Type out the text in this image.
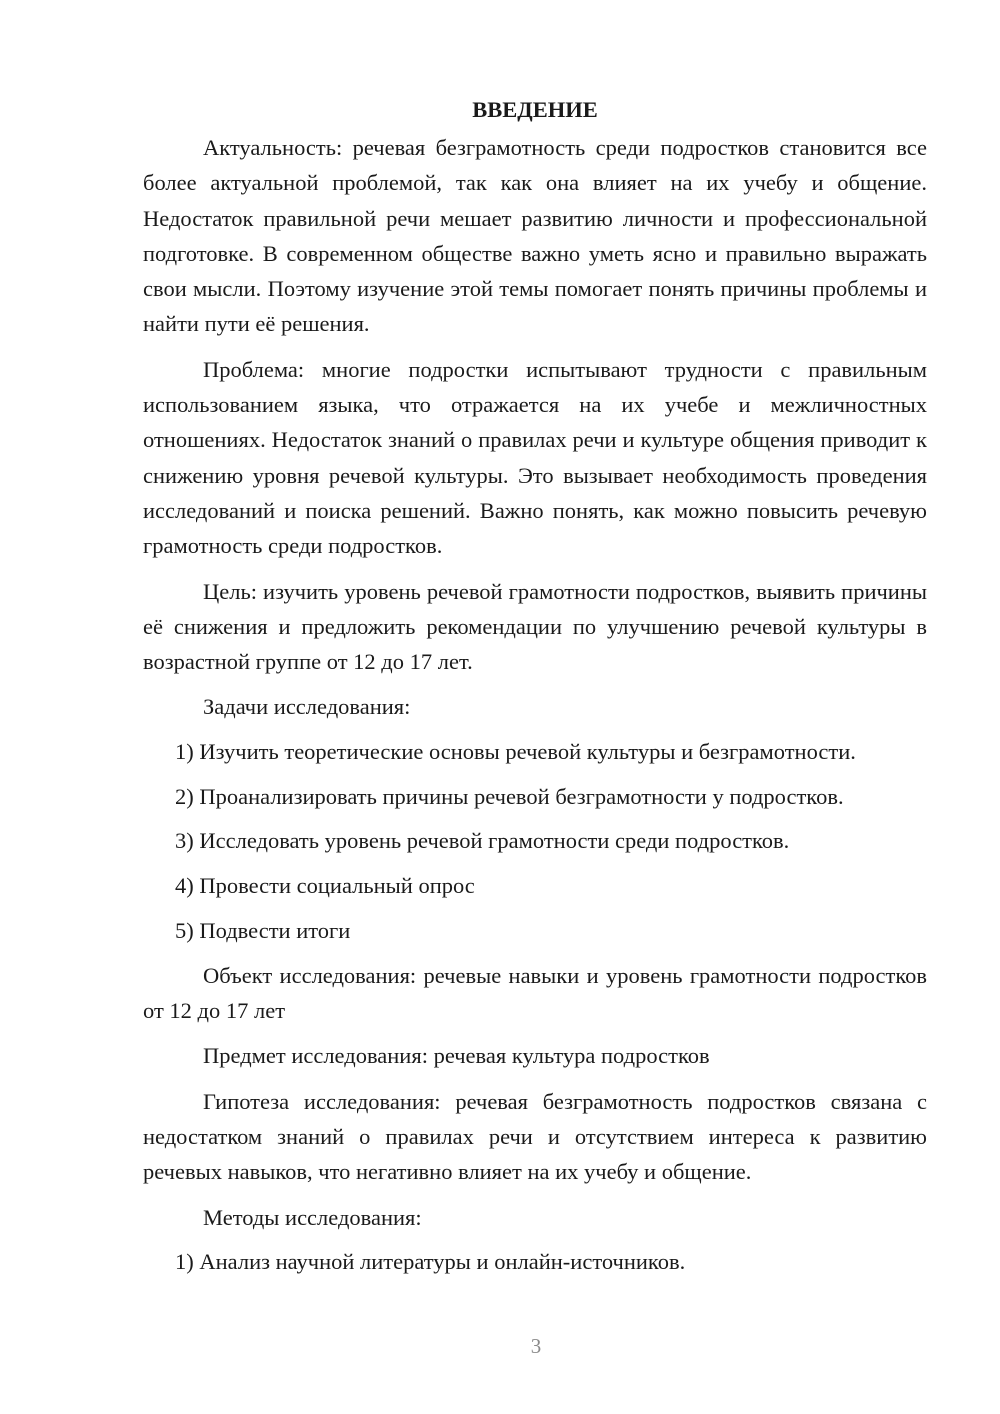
ВВЕДЕНИЕ

Актуальность: речевая безграмотность среди подростков становится все более актуальной проблемой, так как она влияет на их учебу и общение. Недостаток правильной речи мешает развитию личности и профессиональной подготовке. В современном обществе важно уметь ясно и правильно выражать свои мысли. Поэтому изучение этой темы помогает понять причины проблемы и найти пути её решения.

Проблема: многие подростки испытывают трудности с правильным использованием языка, что отражается на их учебе и межличностных отношениях. Недостаток знаний о правилах речи и культуре общения приводит к снижению уровня речевой культуры. Это вызывает необходимость проведения исследований и поиска решений. Важно понять, как можно повысить речевую грамотность среди подростков.

Цель: изучить уровень речевой грамотности подростков, выявить причины её снижения и предложить рекомендации по улучшению речевой культуры в возрастной группе от 12 до 17 лет.

Задачи исследования:

1) Изучить теоретические основы речевой культуры и безграмотности.

2) Проанализировать причины речевой безграмотности у подростков.

3) Исследовать уровень речевой грамотности среди подростков.

4) Провести социальный опрос

5) Подвести итоги

Объект исследования: речевые навыки и уровень грамотности подростков от 12 до 17 лет

Предмет исследования: речевая культура подростков

Гипотеза исследования: речевая безграмотность подростков связана с недостатком знаний о правилах речи и отсутствием интереса к развитию речевых навыков, что негативно влияет на их учебу и общение.

Методы исследования:

1) Анализ научной литературы и онлайн-источников.

3
